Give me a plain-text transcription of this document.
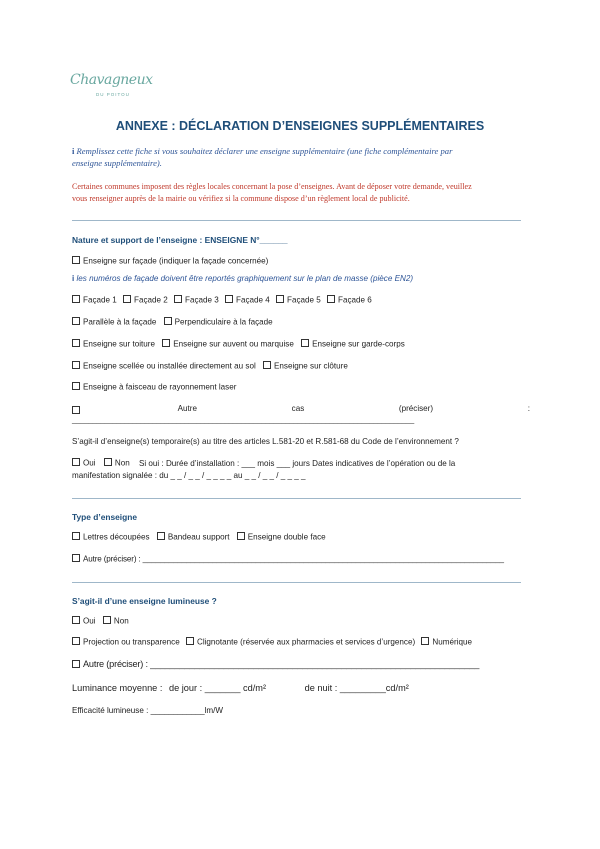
Chavagneux
DU POITOU
ANNEXE : DÉCLARATION D’ENSEIGNES SUPPLÉMENTAIRES
i Remplissez cette fiche si vous souhaitez déclarer une enseigne supplémentaire (une fiche complémentaire par
enseigne supplémentaire).
Certaines communes imposent des règles locales concernant la pose d’enseignes. Avant de déposer votre demande, veuillez
vous renseigner auprès de la mairie ou vérifiez si la commune dispose d’un règlement local de publicité.
Nature et support de l’enseigne : ENSEIGNE N°______
Enseigne sur façade (indiquer la façade concernée)
i les numéros de façade doivent être reportés graphiquement sur le plan de masse (pièce EN2)
Façade 1 Façade 2 Façade 3 Façade 4 Façade 5 Façade 6
Parallèle à la façade Perpendiculaire à la façade
Enseigne sur toiture Enseigne sur auvent ou marquise Enseigne sur garde-corps
Enseigne scellée ou installée directement au sol Enseigne sur clôture
Enseigne à faisceau de rayonnement laser
Autre	cas	(préciser)	:
_____________________________________________________________________________________
S’agit-il d’enseigne(s) temporaire(s) au titre des articles L.581-20 et R.581-68 du Code de l’environnement ?
Oui Non Si oui : Durée d’installation : ___ mois ___ jours Dates indicatives de l’opération ou de la
manifestation signalée : du _ _ / _ _ / _ _ _ _ au _ _ / _ _ / _ _ _ _
Type d’enseigne
Lettres découpées Bandeau support Enseigne double face
Autre (préciser) : ___________________________________________________________________________________
S’agit-il d’une enseigne lumineuse ?
Oui Non
Projection ou transparence Clignotante (réservée aux pharmacies et services d’urgence) Numérique
Autre (préciser) : ___________________________________________________________________
Luminance moyenne : de jour : _______ cd/m²	de nuit : _________cd/m²
Efficacité lumineuse : ____________lm/W
